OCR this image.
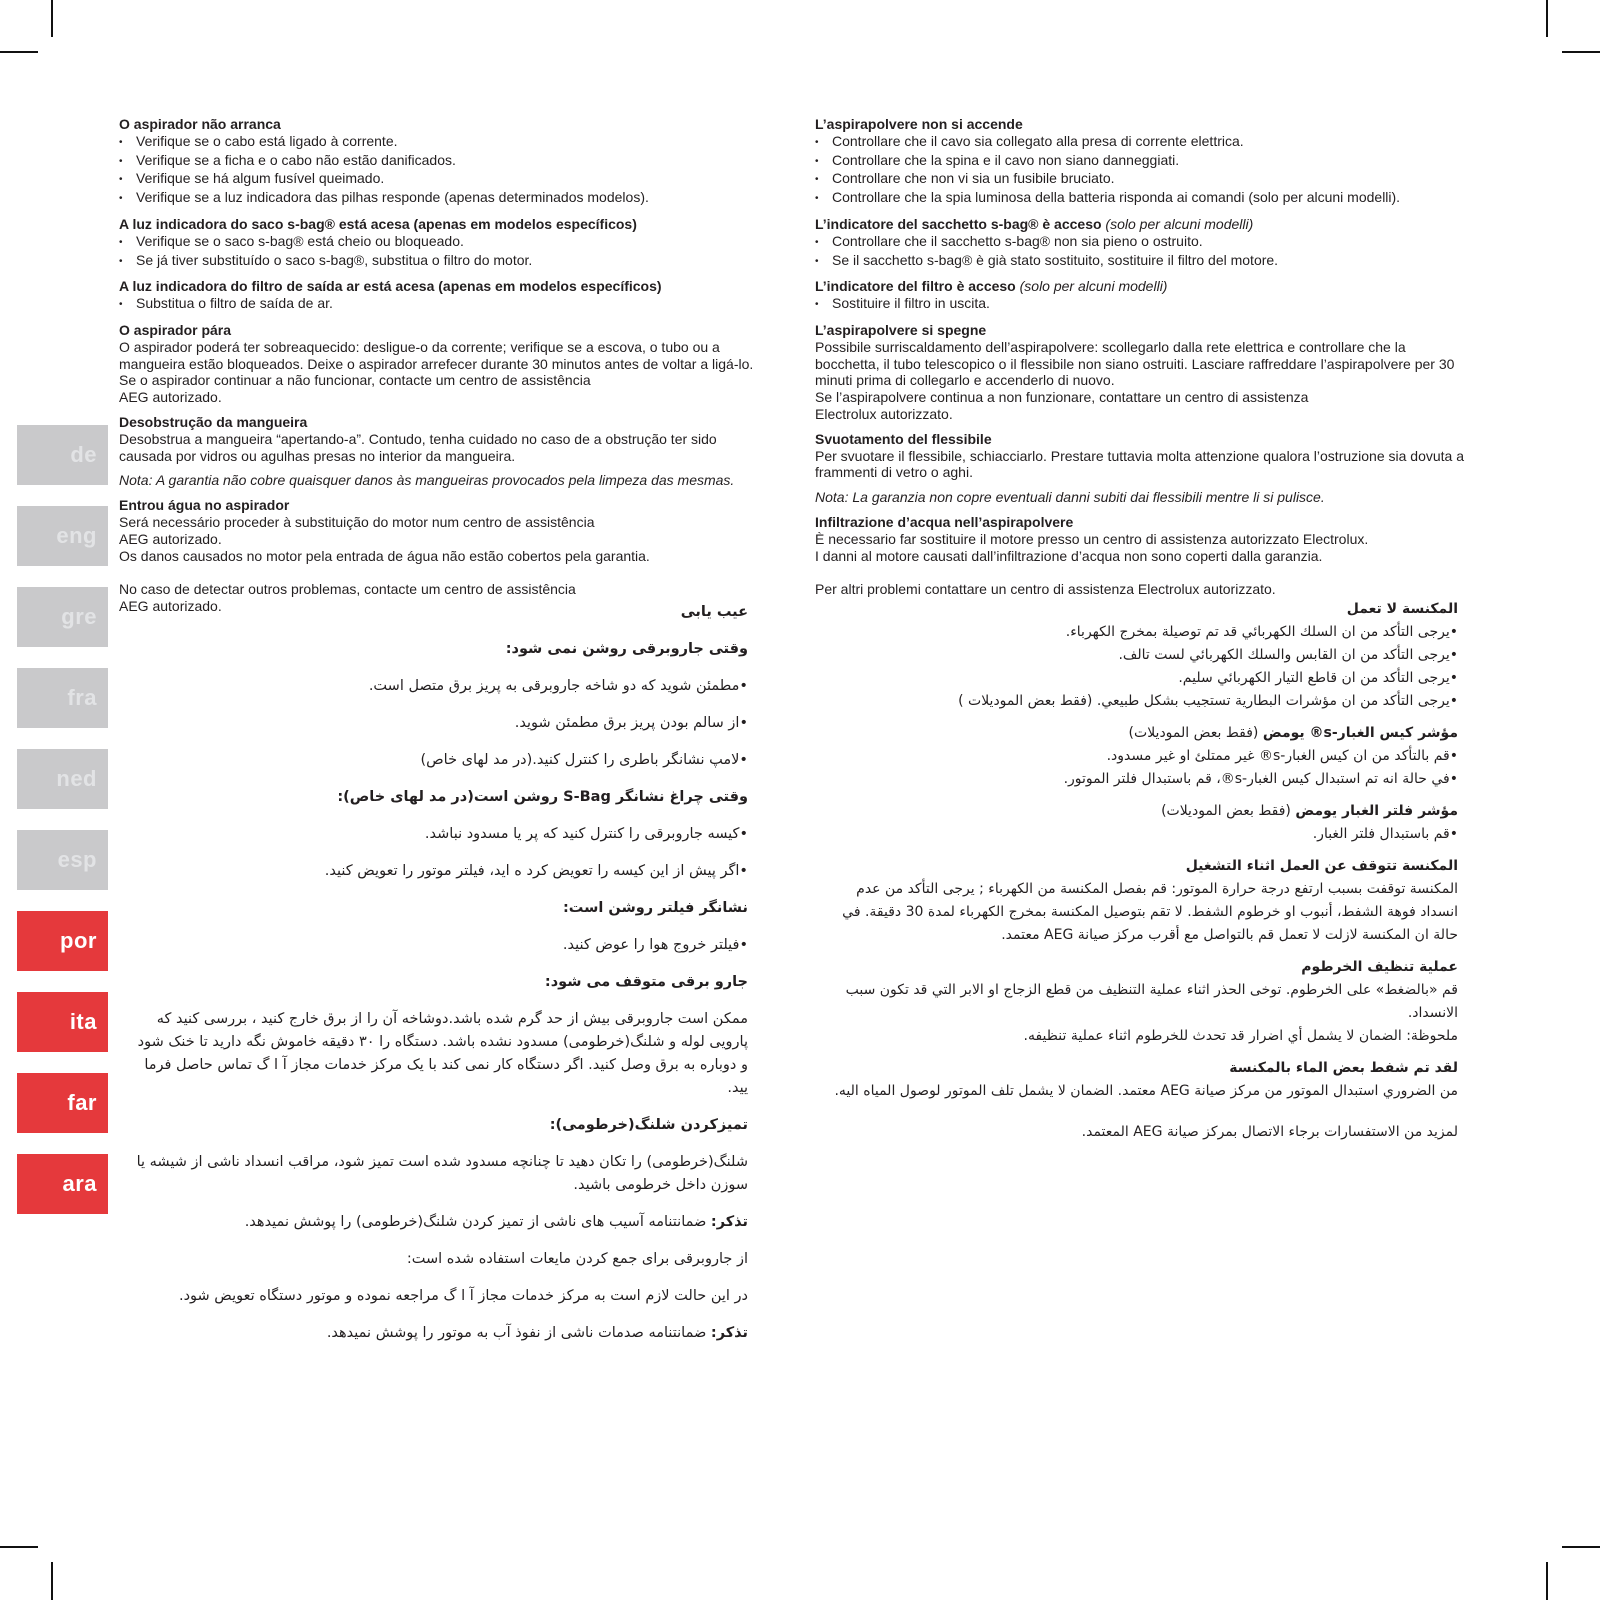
de
eng
gre
fra
ned
esp
por
ita
far
ara
O aspirador não arranca
• Verifique se o cabo está ligado à corrente.
• Verifique se a ficha e o cabo não estão danificados.
• Verifique se há algum fusível queimado.
• Verifique se a luz indicadora das pilhas responde (apenas determinados modelos).
A luz indicadora do saco s-bag® está acesa (apenas em modelos específicos)
• Verifique se o saco s-bag® está cheio ou bloqueado.
• Se já tiver substituído o saco s-bag®, substitua o filtro do motor.
A luz indicadora do filtro de saída ar está acesa (apenas em modelos específicos)
• Substitua o filtro de saída de ar.
O aspirador pára
O aspirador poderá ter sobreaquecido: desligue-o da corrente; verifique se a escova, o tubo ou a mangueira estão bloqueados. Deixe o aspirador arrefecer durante 30 minutos antes de voltar a ligá-lo.
Se o aspirador continuar a não funcionar, contacte um centro de assistência
AEG autorizado.
Desobstrução da mangueira
Desobstrua a mangueira “apertando-a”. Contudo, tenha cuidado no caso de a obstrução ter sido causada por vidros ou agulhas presas no interior da mangueira.
Nota: A garantia não cobre quaisquer danos às mangueiras provocados pela limpeza das mesmas.
Entrou água no aspirador
Será necessário proceder à substituição do motor num centro de assistência
AEG autorizado.
Os danos causados no motor pela entrada de água não estão cobertos pela garantia.
No caso de detectar outros problemas, contacte um centro de assistência
AEG autorizado.
L’aspirapolvere non si accende
• Controllare che il cavo sia collegato alla presa di corrente elettrica.
• Controllare che la spina e il cavo non siano danneggiati.
• Controllare che non vi sia un fusibile bruciato.
• Controllare che la spia luminosa della batteria risponda ai comandi (solo per alcuni modelli).
L’indicatore del sacchetto s-bag® è acceso (solo per alcuni modelli)
• Controllare che il sacchetto s-bag® non sia pieno o ostruito.
• Se il sacchetto s-bag® è già stato sostituito, sostituire il filtro del motore.
L’indicatore del filtro è acceso (solo per alcuni modelli)
• Sostituire il filtro in uscita.
L’aspirapolvere si spegne
Possibile surriscaldamento dell’aspirapolvere: scollegarlo dalla rete elettrica e controllare che la bocchetta, il tubo telescopico o il flessibile non siano ostruiti. Lasciare raffreddare l’aspirapolvere per 30 minuti prima di collegarlo e accenderlo di nuovo.
Se l’aspirapolvere continua a non funzionare, contattare un centro di assistenza
Electrolux autorizzato.
Svuotamento del flessibile
Per svuotare il flessibile, schiacciarlo. Prestare tuttavia molta attenzione qualora l’ostruzione sia dovuta a frammenti di vetro o aghi.
Nota: La garanzia non copre eventuali danni subiti dai flessibili mentre li si pulisce.
Infiltrazione d’acqua nell’aspirapolvere
È necessario far sostituire il motore presso un centro di assistenza autorizzato Electrolux.
I danni al motore causati dall’infiltrazione d’acqua non sono coperti dalla garanzia.
Per altri problemi contattare un centro di assistenza Electrolux autorizzato.
عيب يابى
وقتى جاروبرقى روشن نمى شود:
•مطمئن شويد كه دو شاخه جاروبرقى به پريز برق متصل است.
•از سالم بودن پريز برق مطمئن شويد.
•لامپ نشانگر باطرى را كنترل كنيد.(در مد لهاى خاص)
وقتى چراغ نشانگر S-Bag روشن است(در مد لهاى خاص):
•كيسه جاروبرقى را كنترل كنيد كه پر يا مسدود نباشد.
•اگر پيش از اين كيسه را تعويض كرد ه ايد، فيلتر موتور را تعويض كنيد.
نشانگر فيلتر روشن است:
•فيلتر خروج هوا را عوض كنيد.
جارو برقى متوقف مى شود:
ممكن است جاروبرقى بيش از حد گرم شده باشد.دوشاخه آن را از برق خارج كنيد ، بررسى كنيد كه پارويى لوله و شلنگ(خرطومى) مسدود نشده باشد. دستگاه را ٣٠ دقيقه خاموش نگه داريد تا خنک شود و دوباره به برق وصل كنيد. اگر دستگاه كار نمى كند با يک مركز خدمات مجاز آ ا گ تماس حاصل فرما ييد.
تميزكردن شلنگ(خرطومى):
شلنگ(خرطومى) را تكان دهيد تا چنانچه مسدود شده است تميز شود، مراقب انسداد ناشى از شيشه يا سوزن داخل خرطومى باشيد.
تذكر: ضمانتنامه آسيب هاى ناشى از تميز كردن شلنگ(خرطومى) را پوشش نميدهد.
از جاروبرقى براى جمع كردن مايعات استفاده شده است:
در اين حالت لازم است به مركز خدمات مجاز آ ا گ مراجعه نموده و موتور دستگاه تعويض شود.
تذكر: ضمانتنامه صدمات ناشى از نفوذ آب به موتور را پوشش نميدهد.
المكنسة لا تعمل
•يرجى التأكد من ان السلك الكهربائي قد تم توصيلة بمخرج الكهرباء.
•يرجى التأكد من ان القابس والسلك الكهربائي لست تالف.
•يرجى التأكد من ان قاطع التيار الكهربائي سليم.
•يرجى التأكد من ان مؤشرات البطارية تستجيب بشكل طبيعي. (فقط بعض الموديلات )
مؤشر كيس الغبار-s® يومض (فقط بعض الموديلات)
•قم بالتأكد من ان كيس الغبار-s® غير ممتلئ او غير مسدود.
•في حالة انه تم استبدال كيس الغبار-s®، قم باستبدال فلتر الموتور.
مؤشر فلتر الغبار يومض (فقط بعض الموديلات)
•قم باستبدال فلتر الغبار.
المكنسة تتوقف عن العمل اثناء التشغيل
المكنسة توقفت بسبب ارتفع درجة حرارة الموتور: قم بفصل المكنسة من الكهرباء ; يرجى التأكد من عدم انسداد فوهة الشفط، أنبوب او خرطوم الشفط. لا تقم بتوصيل المكنسة بمخرج الكهرباء لمدة 30 دقيقة. في حالة ان المكنسة لازلت لا تعمل قم بالتواصل مع أقرب مركز صيانة AEG معتمد.
عملية تنظيف الخرطوم
قم «بالضغط» على الخرطوم. توخى الحذر اثناء عملية التنظيف من قطع الزجاج او الابر التي قد تكون سبب الانسداد.
ملحوظة: الضمان لا يشمل أي اضرار قد تحدث للخرطوم اثناء عملية تنظيفه.
لقد تم شفط بعض الماء بالمكنسة
من الضروري استبدال الموتور من مركز صيانة AEG معتمد. الضمان لا يشمل تلف الموتور لوصول المياه اليه.
لمزيد من الاستفسارات برجاء الاتصال بمركز صيانة AEG المعتمد.
